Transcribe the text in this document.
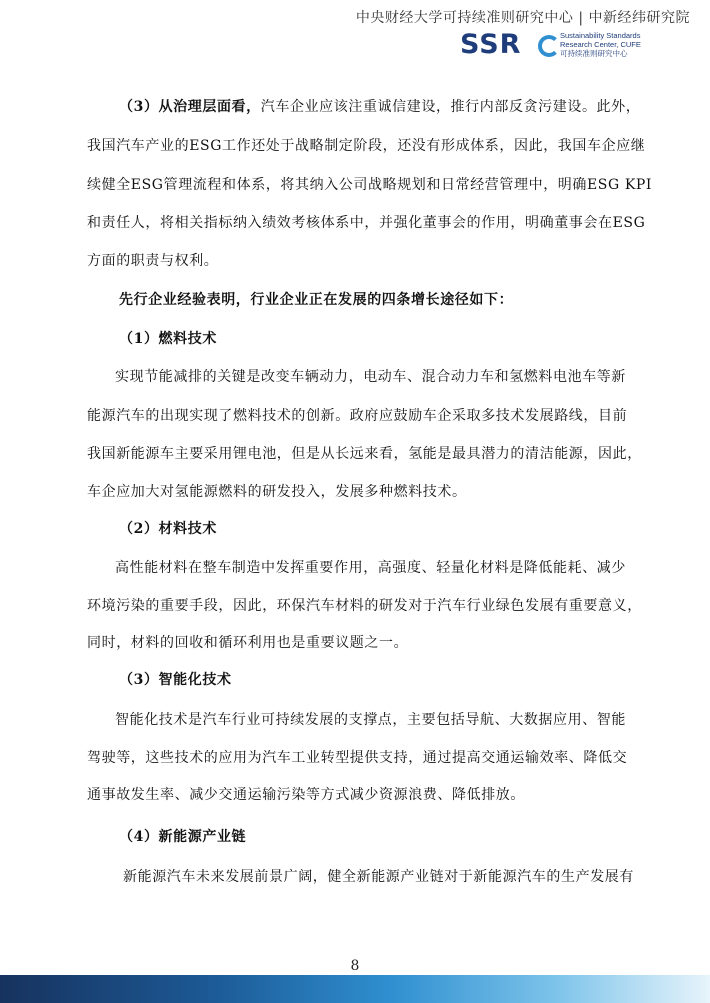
中央财经大学可持续准则研究中心 | 中新经纬研究院
SSR	Sustainability Standards
Research Center, CUFE
可持续准则研究中心
（3）从治理层面看，汽车企业应该注重诚信建设，推行内部反贪污建设。此外，
我国汽车产业的ESG工作还处于战略制定阶段，还没有形成体系，因此，我国车企应继
续健全ESG管理流程和体系，将其纳入公司战略规划和日常经营管理中，明确ESG KPI
和责任人，将相关指标纳入绩效考核体系中，并强化董事会的作用，明确董事会在ESG
方面的职责与权利。
先行企业经验表明，行业企业正在发展的四条增长途径如下：
（1）燃料技术
实现节能减排的关键是改变车辆动力，电动车、混合动力车和氢燃料电池车等新
能源汽车的出现实现了燃料技术的创新。政府应鼓励车企采取多技术发展路线，目前
我国新能源车主要采用锂电池，但是从长远来看，氢能是最具潜力的清洁能源，因此，
车企应加大对氢能源燃料的研发投入，发展多种燃料技术。
（2）材料技术
高性能材料在整车制造中发挥重要作用，高强度、轻量化材料是降低能耗、减少
环境污染的重要手段，因此，环保汽车材料的研发对于汽车行业绿色发展有重要意义，
同时，材料的回收和循环利用也是重要议题之一。
（3）智能化技术
智能化技术是汽车行业可持续发展的支撑点，主要包括导航、大数据应用、智能
驾驶等，这些技术的应用为汽车工业转型提供支持，通过提高交通运输效率、降低交
通事故发生率、减少交通运输污染等方式减少资源浪费、降低排放。
（4）新能源产业链
新能源汽车未来发展前景广阔，健全新能源产业链对于新能源汽车的生产发展有
8
